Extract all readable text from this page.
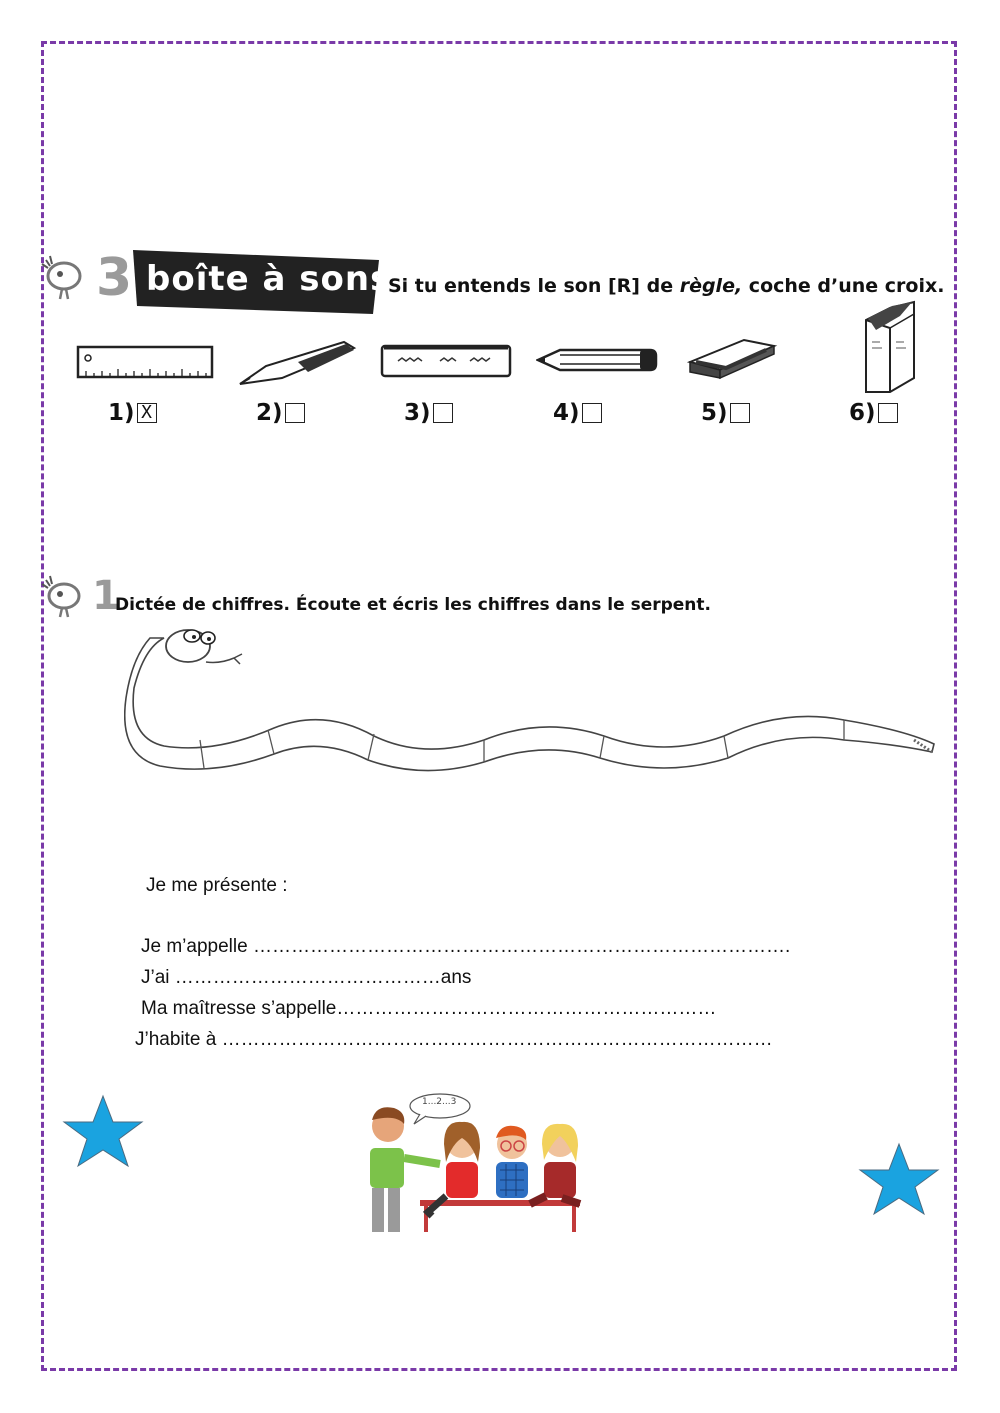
3 boîte à sons
Si tu entends le son [R] de règle, coche d’une croix.
1) X	2)	3)	4)	5)	6)
1
Dictée de chiffres. Écoute et écris les chiffres dans le serpent.
Je me présente :
Je m’appelle ………………………………………………………………………….
J’ai ……………………………………ans
Ma maîtresse s’appelle……………………………………………………
J’habite à ……………………………………………………………………………
1...2...3
